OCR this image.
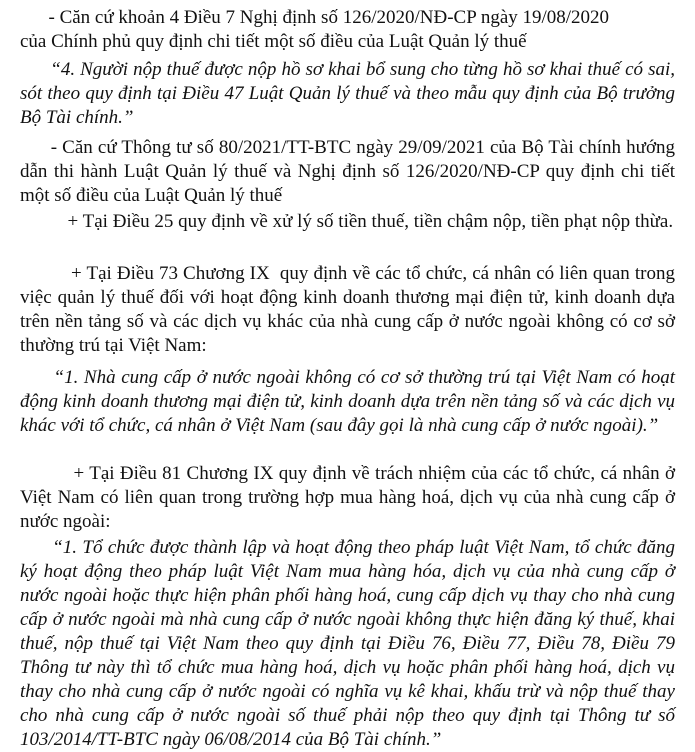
- Căn cứ khoản 4 Điều 7 Nghị định số 126/2020/NĐ-CP ngày 19/08/2020
của Chính phủ quy định chi tiết một số điều của Luật Quản lý thuế
“4. Người nộp thuế được nộp hồ sơ khai bổ sung cho từng hồ sơ khai thuế có sai, sót theo quy định tại Điều 47 Luật Quản lý thuế và theo mẫu quy định của Bộ trưởng Bộ Tài chính.”
- Căn cứ Thông tư số 80/2021/TT-BTC ngày 29/09/2021 của Bộ Tài chính hướng dẫn thi hành Luật Quản lý thuế và Nghị định số 126/2020/NĐ-CP quy định chi tiết một số điều của Luật Quản lý thuế
+ Tại Điều 25 quy định về xử lý số tiền thuế, tiền chậm nộp, tiền phạt nộp thừa.
+ Tại Điều 73 Chương IX  quy định về các tổ chức, cá nhân có liên quan trong việc quản lý thuế đối với hoạt động kinh doanh thương mại điện tử, kinh doanh dựa trên nền tảng số và các dịch vụ khác của nhà cung cấp ở nước ngoài không có cơ sở thường trú tại Việt Nam:
“1. Nhà cung cấp ở nước ngoài không có cơ sở thường trú tại Việt Nam có hoạt động kinh doanh thương mại điện tử, kinh doanh dựa trên nền tảng số và các dịch vụ khác với tổ chức, cá nhân ở Việt Nam (sau đây gọi là nhà cung cấp ở nước ngoài).”
+ Tại Điều 81 Chương IX quy định về trách nhiệm của các tổ chức, cá nhân ở Việt Nam có liên quan trong trường hợp mua hàng hoá, dịch vụ của nhà cung cấp ở nước ngoài:
“1. Tổ chức được thành lập và hoạt động theo pháp luật Việt Nam, tổ chức đăng ký hoạt động theo pháp luật Việt Nam mua hàng hóa, dịch vụ của nhà cung cấp ở nước ngoài hoặc thực hiện phân phối hàng hoá, cung cấp dịch vụ thay cho nhà cung cấp ở nước ngoài mà nhà cung cấp ở nước ngoài không thực hiện đăng ký thuế, khai thuế, nộp thuế tại Việt Nam theo quy định tại Điều 76, Điều 77, Điều 78, Điều 79 Thông tư này thì tổ chức mua hàng hoá, dịch vụ hoặc phân phối hàng hoá, dịch vụ thay cho nhà cung cấp ở nước ngoài có nghĩa vụ kê khai, khấu trừ và nộp thuế thay cho nhà cung cấp ở nước ngoài số thuế phải nộp theo quy định tại Thông tư số 103/2014/TT-BTC ngày 06/08/2014 của Bộ Tài chính.”
